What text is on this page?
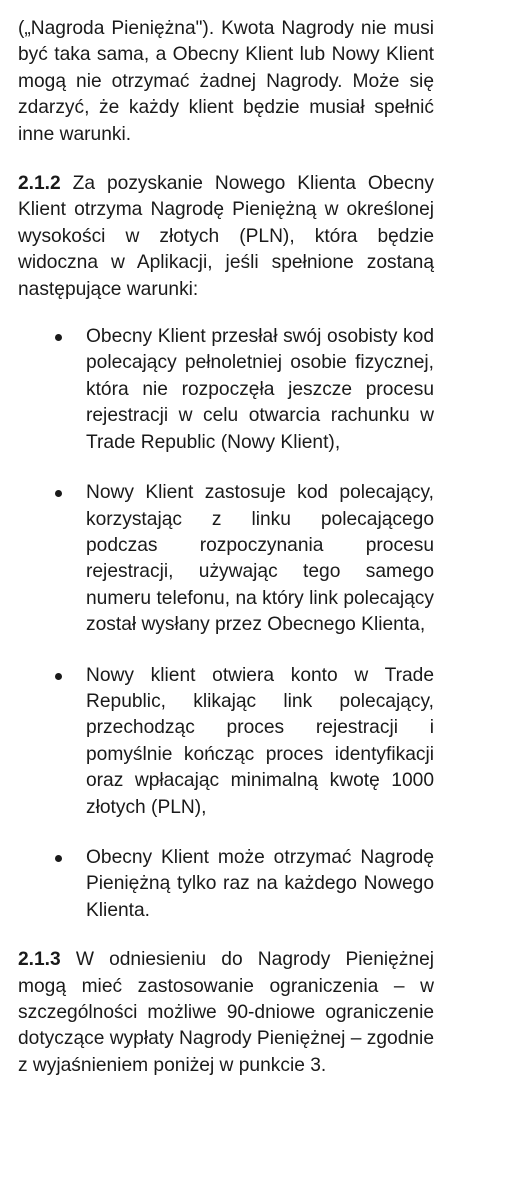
(„Nagroda Pieniężna"). Kwota Nagrody nie musi być taka sama, a Obecny Klient lub Nowy Klient mogą nie otrzymać żadnej Nagrody. Może się zdarzyć, że każdy klient będzie musiał spełnić inne warunki.

2.1.2 Za pozyskanie Nowego Klienta Obecny Klient otrzyma Nagrodę Pieniężną w określonej wysokości w złotych (PLN), która będzie widoczna w Aplikacji, jeśli spełnione zostaną następujące warunki:

Obecny Klient przesłał swój osobisty kod polecający pełnoletniej osobie fizycznej, która nie rozpoczęła jeszcze procesu rejestracji w celu otwarcia rachunku w Trade Republic (Nowy Klient),
Nowy Klient zastosuje kod polecający, korzystając z linku polecającego podczas rozpoczynania procesu rejestracji, używając tego samego numeru telefonu, na który link polecający został wysłany przez Obecnego Klienta,
Nowy klient otwiera konto w Trade Republic, klikając link polecający, przechodząc proces rejestracji i pomyślnie kończąc proces identyfikacji oraz wpłacając minimalną kwotę 1000 złotych (PLN),
Obecny Klient może otrzymać Nagrodę Pieniężną tylko raz na każdego Nowego Klienta.

2.1.3 W odniesieniu do Nagrody Pieniężnej mogą mieć zastosowanie ograniczenia – w szczególności możliwe 90-dniowe ograniczenie dotyczące wypłaty Nagrody Pieniężnej – zgodnie z wyjaśnieniem poniżej w punkcie 3.
